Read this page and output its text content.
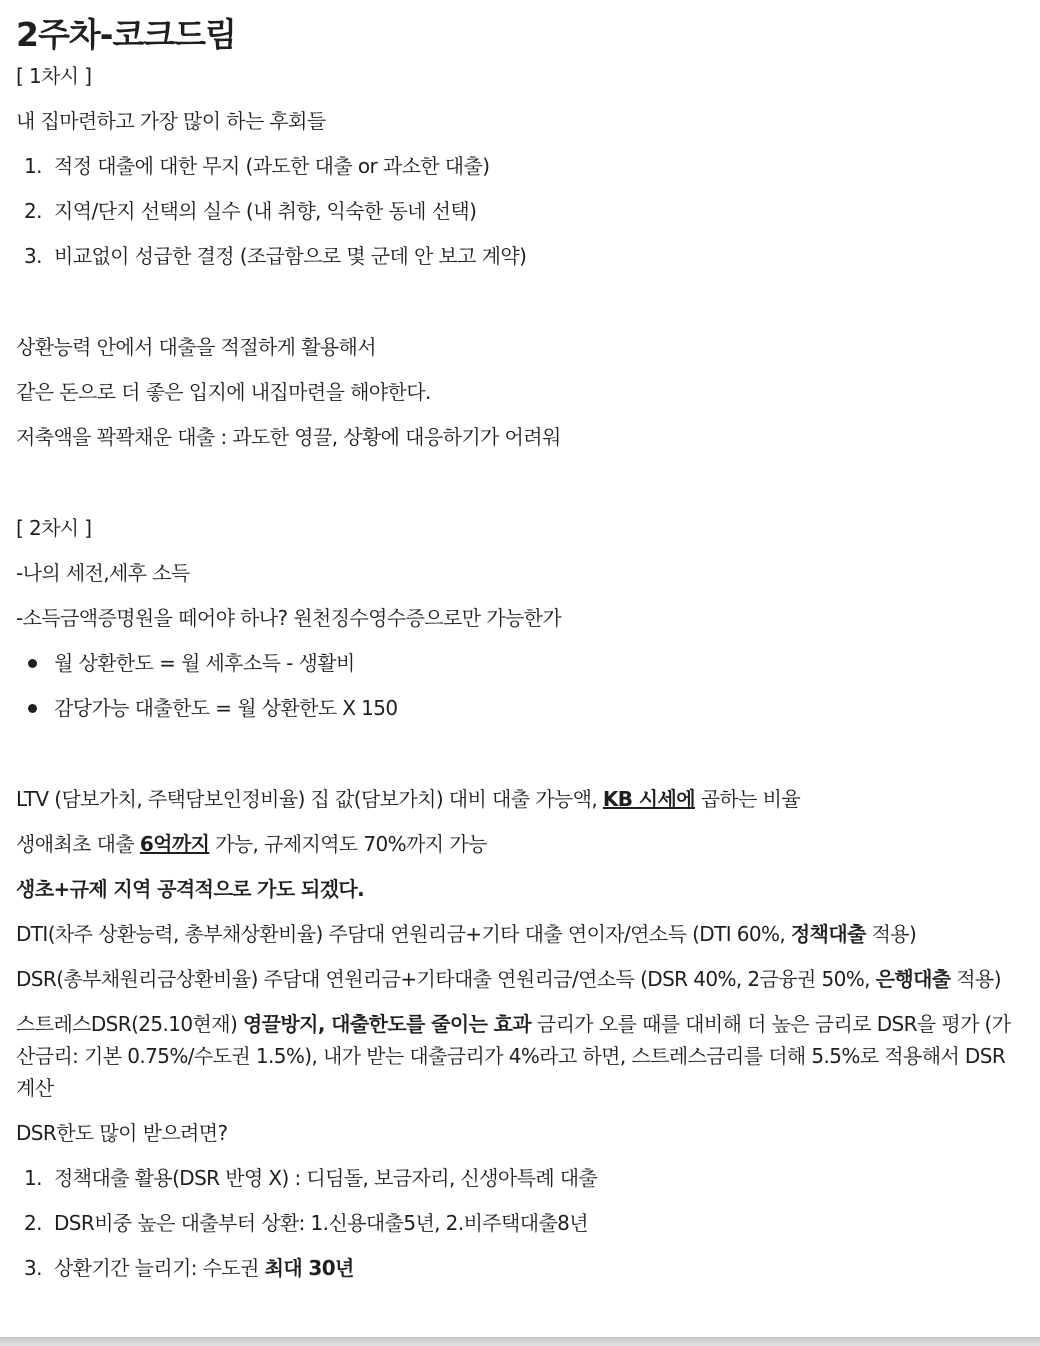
2주차-코크드림
[ 1차시 ]
내 집마련하고 가장 많이 하는 후회들
1. 적정 대출에 대한 무지 (과도한 대출 or 과소한 대출)
2. 지역/단지 선택의 실수 (내 취향, 익숙한 동네 선택)
3. 비교없이 성급한 결정 (조급함으로 몇 군데 안 보고 계약)
상환능력 안에서 대출을 적절하게 활용해서
같은 돈으로 더 좋은 입지에 내집마련을 해야한다.
저축액을 꽉꽉채운 대출 : 과도한 영끌, 상황에 대응하기가 어려워
[ 2차시 ]
-나의 세전,세후 소득
-소득금액증명원을 떼어야 하나? 원천징수영수증으로만 가능한가
월 상환한도 = 월 세후소득 - 생활비
감당가능 대출한도 = 월 상환한도 X 150
LTV (담보가치, 주택담보인정비율) 집 값(담보가치) 대비 대출 가능액, KB 시세에 곱하는 비율
생애최초 대출 6억까지 가능, 규제지역도 70%까지 가능
생초+규제 지역 공격적으로 가도 되겠다.
DTI(차주 상환능력, 총부채상환비율) 주담대 연원리금+기타 대출 연이자/연소득 (DTI 60%, 정책대출 적용)
DSR(총부채원리금상환비율) 주담대 연원리금+기타대출 연원리금/연소득 (DSR 40%, 2금융권 50%, 은행대출 적용)
스트레스DSR(25.10현재) 영끌방지, 대출한도를 줄이는 효과 금리가 오를 때를 대비해 더 높은 금리로 DSR을 평가 (가산금리: 기본 0.75%/수도권 1.5%), 내가 받는 대출금리가 4%라고 하면, 스트레스금리를 더해 5.5%로 적용해서 DSR 계산
DSR한도 많이 받으려면?
1. 정책대출 활용(DSR 반영 X) : 디딤돌, 보금자리, 신생아특례 대출
2. DSR비중 높은 대출부터 상환: 1.신용대출5년, 2.비주택대출8년
3. 상환기간 늘리기: 수도권 최대 30년
